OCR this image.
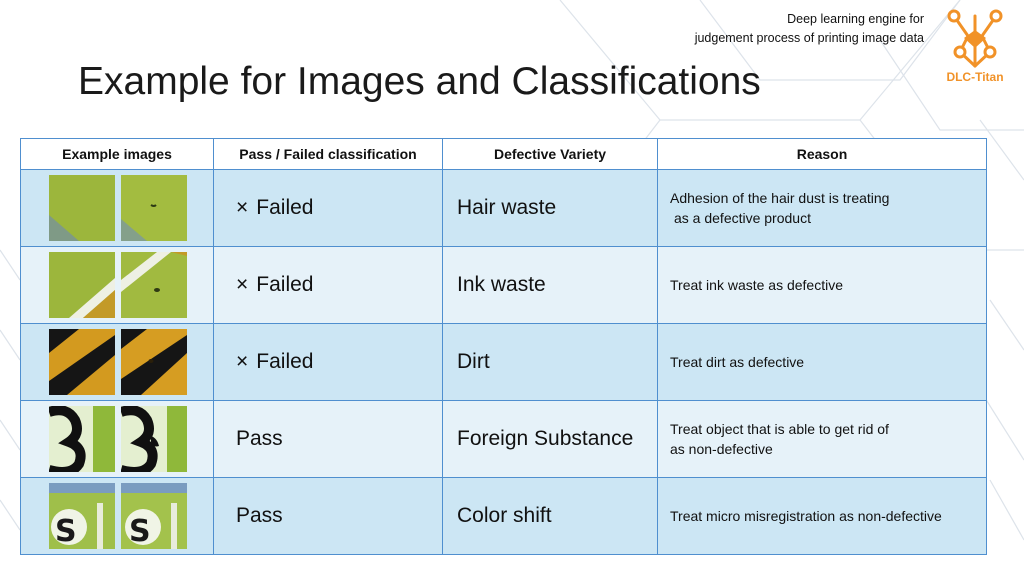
Deep learning engine for
judgement process of printing image data
DLC-Titan
Example for Images and Classifications
Example images	Pass / Failed classification	Defective Variety	Reason

	× Failed	Hair waste	Adhesion of the hair dust is treating
as a defective product

	× Failed	Ink waste	Treat ink waste as defective

	× Failed	Dirt	Treat dirt as defective

	Pass	Foreign Substance	Treat object that is able to get rid of
as non-defective

S S	Pass	Color shift	Treat micro misregistration as non-defective
